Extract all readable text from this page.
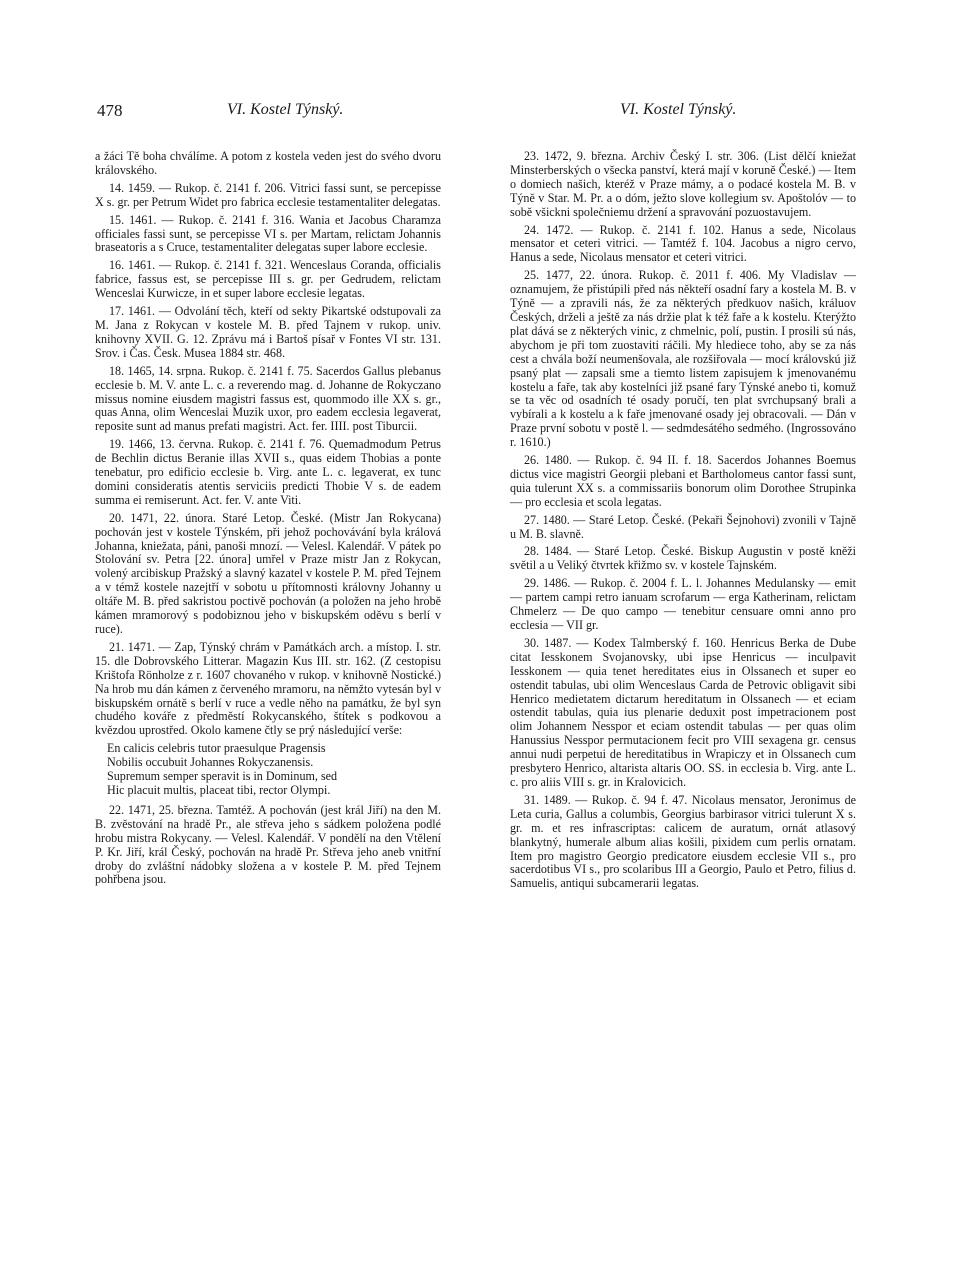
478	VI. Kostel Týnský.	VI. Kostel Týnský.

a žáci Tě boha chválíme. A potom z kostela veden jest do svého dvoru královského.

14. 1459. — Rukop. č. 2141 f. 206. Vitrici fassi sunt, se percepisse X s. gr. per Petrum Widet pro fabrica ecclesie testamentaliter delegatas.

15. 1461. — Rukop. č. 2141 f. 316. Wania et Jacobus Charamza officiales fassi sunt, se percepisse VI s. per Martam, relictam Johannis braseatoris a s Cruce, testamentaliter delegatas super labore ecclesie.

16. 1461. — Rukop. č. 2141 f. 321. Wenceslaus Coranda, officialis fabrice, fassus est, se percepisse III s. gr. per Gedrudem, relictam Wenceslai Kurwicze, in et super labore ecclesie legatas.

17. 1461. — Odvolání těch, kteří od sekty Pikartské odstupovali za M. Jana z Rokycan v kostele M. B. před Tajnem v rukop. univ. knihovny XVII. G. 12. Zprávu má i Bartoš písař v Fontes VI str. 131. Srov. i Čas. Česk. Musea 1884 str. 468.

18. 1465, 14. srpna. Rukop. č. 2141 f. 75. Sacerdos Gallus plebanus ecclesie b. M. V. ante L. c. a reverendo mag. d. Johanne de Rokyczano missus nomine eiusdem magistri fassus est, quommodo ille XX s. gr., quas Anna, olim Wenceslai Muzik uxor, pro eadem ecclesia legaverat, reposite sunt ad manus prefati magistri. Act. fer. IIII. post Tiburcii.

19. 1466, 13. června. Rukop. č. 2141 f. 76. Quemadmodum Petrus de Bechlin dictus Beranie illas XVII s., quas eidem Thobias a ponte tenebatur, pro edificio ecclesie b. Virg. ante L. c. legaverat, ex tunc domini consideratis atentis serviciis predicti Thobie V s. de eadem summa ei remiserunt. Act. fer. V. ante Viti.

20. 1471, 22. února. Staré Letop. České. (Mistr Jan Rokycana) pochován jest v kostele Týnském, při jehož pochovávání byla králová Johanna, kniežata, páni, panoši mnozí. — Velesl. Kalendář. V pátek po Stolování sv. Petra [22. února] umřel v Praze mistr Jan z Rokycan, volený arcibiskup Pražský a slavný kazatel v kostele P. M. před Tejnem a v témž kostele nazejtří v sobotu u přítomnosti královny Johanny u oltáře M. B. před sakristou poctivě pochován (a položen na jeho hrobě kámen mramorový s podobiznou jeho v biskupském oděvu s berlí v ruce).

21. 1471. — Zap, Týnský chrám v Památkách arch. a místop. I. str. 15. dle Dobrovského Litterar. Magazin Kus III. str. 162. (Z cestopisu Krištofa Rönholze z r. 1607 chovaného v rukop. v knihovně Nostické.) Na hrob mu dán kámen z červeného mramoru, na němžto vytesán byl v biskupském ornátě s berlí v ruce a vedle něho na památku, že byl syn chudého kováře z předměstí Rokycanského, štítek s podkovou a kvězdou uprostřed. Okolo kamene čtly se prý následující verše:

En calicis celebris tutor praesulque Pragensis
Nobilis occubuit Johannes Rokyczanensis.
Supremum semper speravit is in Dominum, sed
Hic placuit multis, placeat tibi, rector Olympi.

22. 1471, 25. března. Tamtéž. A pochován (jest král Jiří) na den M. B. zvěstování na hradě Pr., ale střeva jeho s sádkem položena podlé hrobu mistra Rokycany. — Velesl. Kalendář. V pondělí na den Vtělení P. Kr. Jiří, král Český, pochován na hradě Pr. Střeva jeho aneb vnitřní droby do zvláštní nádobky složena a v kostele P. M. před Tejnem pohřbena jsou.

23. 1472, 9. března. Archiv Český I. str. 306. (List dělčí kniežat Minsterberských o všecka panství, která mají v koruně České.) — Item o domiech našich, kteréž v Praze mámy, a o podacé kostela M. B. v Týně v Star. M. Pr. a o dóm, ježto slove kollegium sv. Apoštolóv — to sobě všickni společniemu držení a spravování pozuostavujem.

24. 1472. — Rukop. č. 2141 f. 102. Hanus a sede, Nicolaus mensator et ceteri vitrici. — Tamtéž f. 104. Jacobus a nigro cervo, Hanus a sede, Nicolaus mensator et ceteri vitrici.

25. 1477, 22. února. Rukop. č. 2011 f. 406. My Vladislav — oznamujem, že přistúpili před nás někteří osadní fary a kostela M. B. v Týně — a zpravili nás, že za některých předkuov našich, králuov Českých, drželi a ještě za nás držie plat k též faře a k kostelu. Kterýžto plat dává se z některých vinic, z chmelnic, polí, pustin. I prosili sú nás, abychom je při tom zuostaviti ráčili. My hlediece toho, aby se za nás cest a chvála boží neumenšovala, ale rozšiřovala — mocí královskú již psaný plat — zapsali sme a tiemto listem zapisujem k jmenovanému kostelu a faře, tak aby kostelníci již psané fary Týnské anebo ti, komuž se ta věc od osadních té osady poručí, ten plat svrchupsaný brali a vybírali a k kostelu a k faře jmenované osady jej obracovali. — Dán v Praze první sobotu v postě l. — sedmdesátého sedmého. (Ingrossováno r. 1610.)

26. 1480. — Rukop. č. 94 II. f. 18. Sacerdos Johannes Boemus dictus vice magistri Georgii plebani et Bartholomeus cantor fassi sunt, quia tulerunt XX s. a commissariis bonorum olim Dorothee Strupinka — pro ecclesia et scola legatas.

27. 1480. — Staré Letop. České. (Pekaři Šejnohovi) zvonili v Tajně u M. B. slavně.

28. 1484. — Staré Letop. České. Biskup Augustin v postě kněži světil a u Veliký čtvrtek křižmo sv. v kostele Tajnském.

29. 1486. — Rukop. č. 2004 f. L. l. Johannes Medulansky — emit — partem campi retro ianuam scrofarum — erga Katherinam, relictam Chmelerz — De quo campo — tenebitur censuare omni anno pro ecclesia — VII gr.

30. 1487. — Kodex Talmberský f. 160. Henricus Berka de Dube citat Iesskonem Svojanovsky, ubi ipse Henricus — inculpavit Iesskonem — quia tenet hereditates eius in Olssanech et super eo ostendit tabulas, ubi olim Wenceslaus Carda de Petrovic obligavit sibi Henrico medietatem dictarum hereditatum in Olssanech — et eciam ostendit tabulas, quia ius plenarie deduxit post impetracionem post olim Johannem Nesspor et eciam ostendit tabulas — per quas olim Hanussius Nesspor permutacionem fecit pro VIII sexagena gr. census annui nudi perpetui de hereditatibus in Wrapiczy et in Olssanech cum presbytero Henrico, altarista altaris OO. SS. in ecclesia b. Virg. ante L. c. pro aliis VIII s. gr. in Kralovicich.

31. 1489. — Rukop. č. 94 f. 47. Nicolaus mensator, Jeronimus de Leta curia, Gallus a columbis, Georgius barbirasor vitrici tulerunt X s. gr. m. et res infrascriptas: calicem de auratum, ornát atlasový blankytný, humerale album alias košili, pixidem cum perlis ornatam. Item pro magistro Georgio predicatore eiusdem ecclesie VII s., pro sacerdotibus VI s., pro scolaribus III a Georgio, Paulo et Petro, filius d. Samuelis, antiqui subcamerarii legatas.
